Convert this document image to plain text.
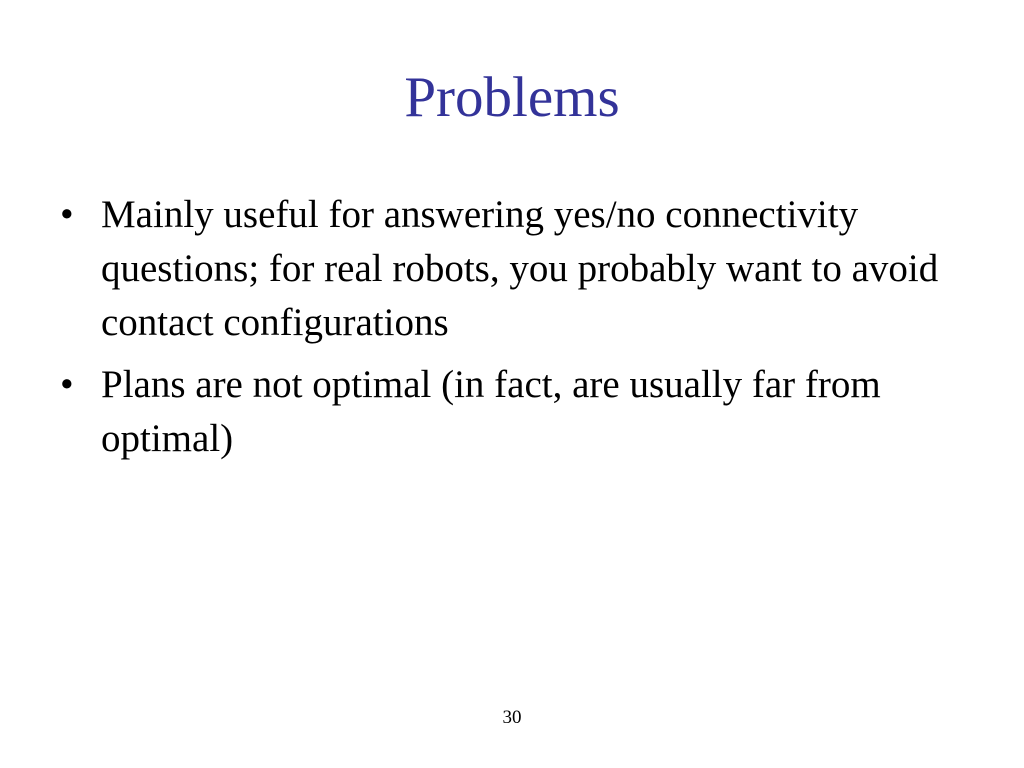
Problems
• Mainly useful for answering yes/no connectivity questions; for real robots, you probably want to avoid contact configurations
• Plans are not optimal (in fact, are usually far from optimal)
30
